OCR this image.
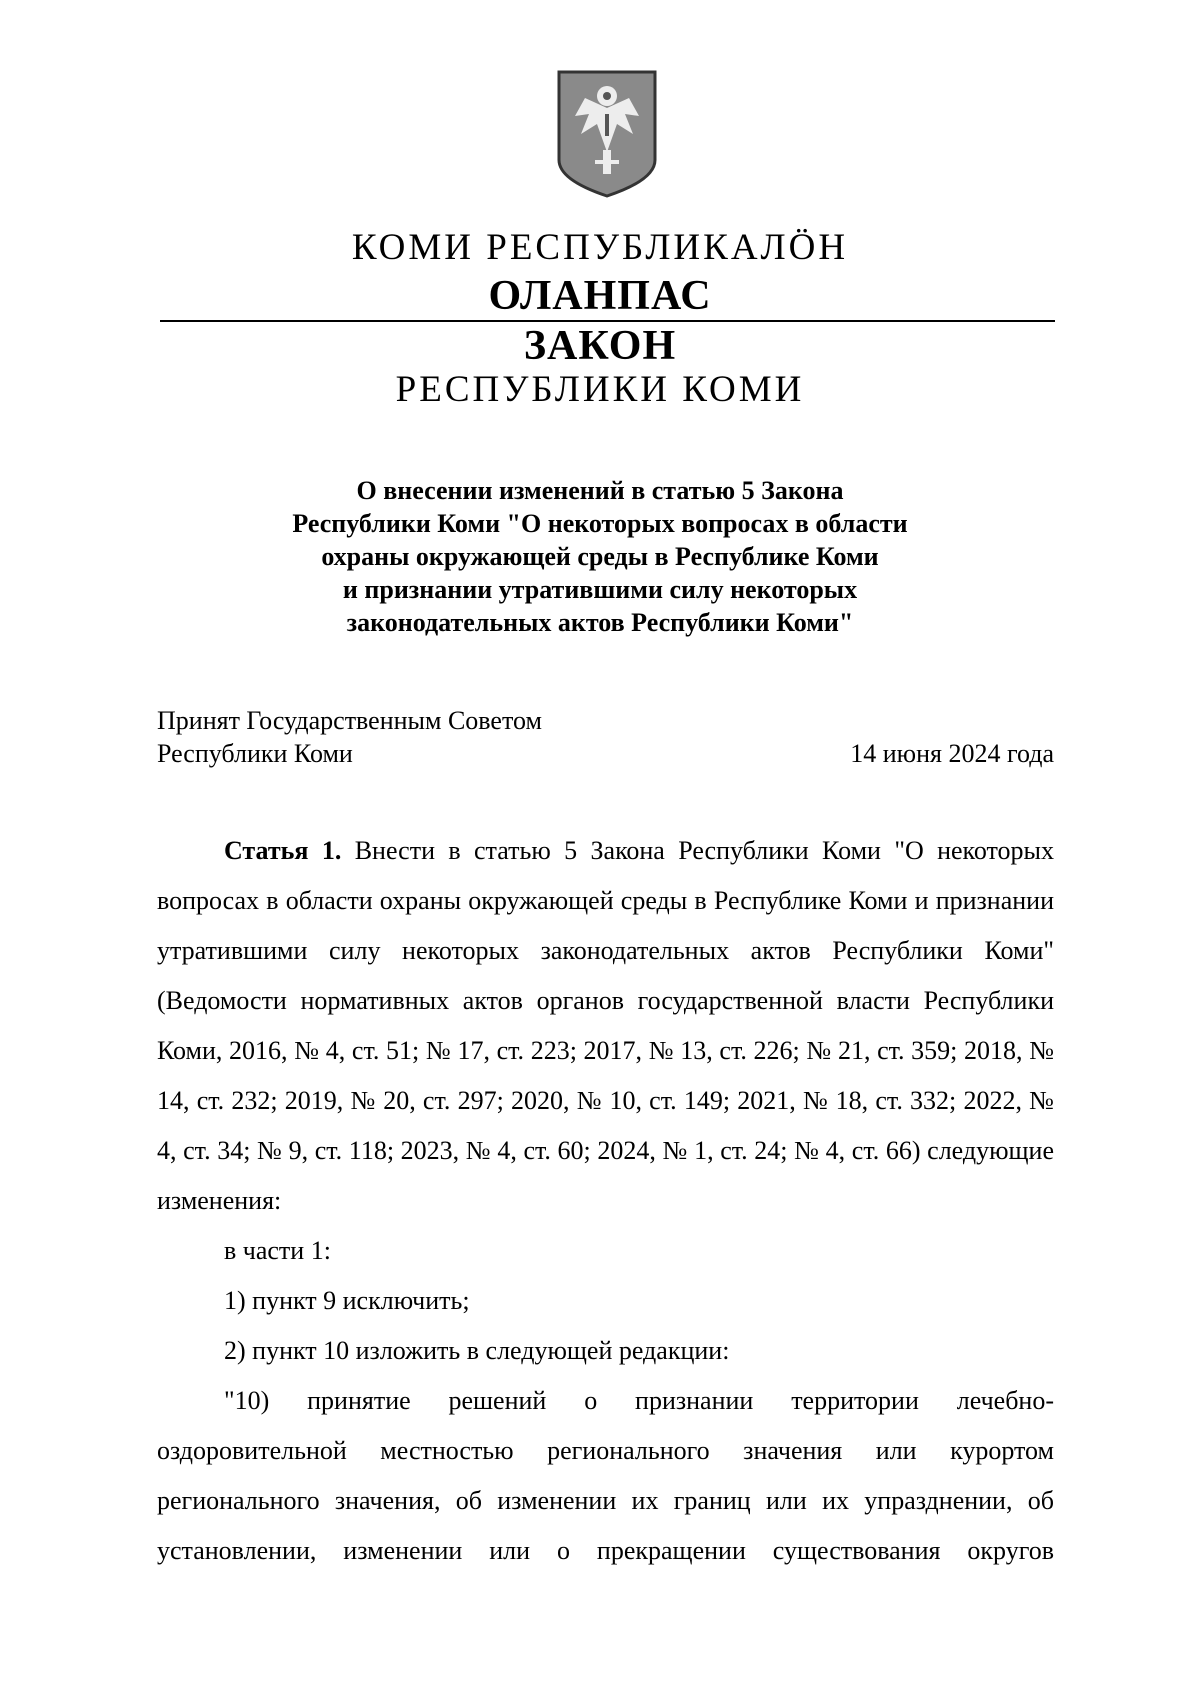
КОМИ РЕСПУБЛИКАЛӦН
ОЛАНПАС
ЗАКОН
РЕСПУБЛИКИ КОМИ
О внесении изменений в статью 5 Закона
Республики Коми "О некоторых вопросах в области
охраны окружающей среды в Республике Коми
и признании утратившими силу некоторых
законодательных актов Республики Коми"
Принят Государственным Советом
Республики Коми	14 июня 2024 года

Статья 1. Внести в статью 5 Закона Республики Коми "О некоторых вопросах в области охраны окружающей среды в Республике Коми и признании утратившими силу некоторых законодательных актов Республики Коми" (Ведомости нормативных актов органов государственной власти Республики Коми, 2016, № 4, ст. 51; № 17, ст. 223; 2017, № 13, ст. 226; № 21, ст. 359; 2018, № 14, ст. 232; 2019, № 20, ст. 297; 2020, № 10, ст. 149; 2021, № 18, ст. 332; 2022, № 4, ст. 34; № 9, ст. 118; 2023, № 4, ст. 60; 2024, № 1, ст. 24; № 4, ст. 66) следующие изменения:

в части 1:

1) пункт 9 исключить;

2) пункт 10 изложить в следующей редакции:

"10) принятие решений о признании территории лечебно-оздоровительной местностью регионального значения или курортом регионального значения, об изменении их границ или их упразднении, об установлении, изменении или о прекращении существования округов
